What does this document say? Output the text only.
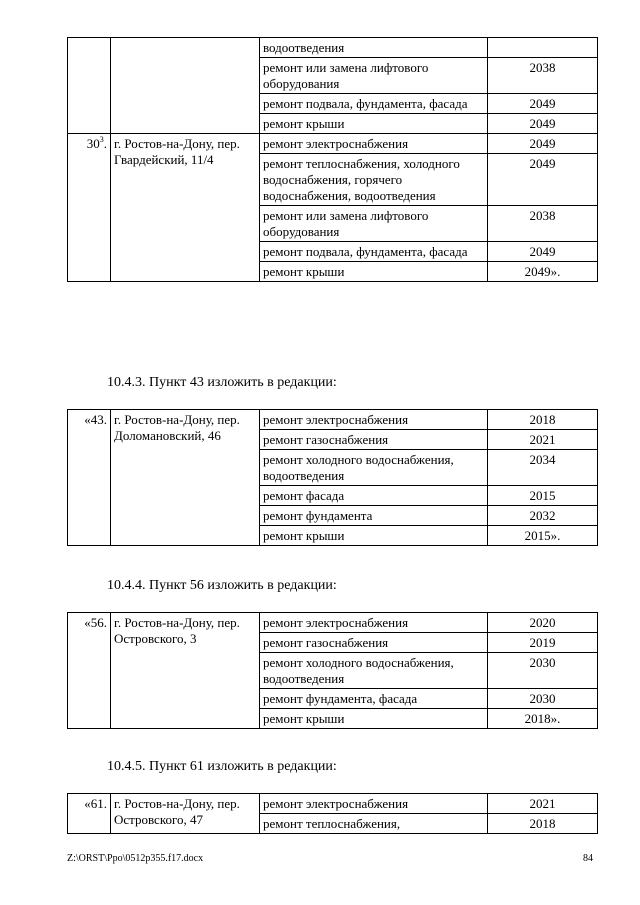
		водоотведения	
		ремонт или замена лифтового оборудования	2038
		ремонт подвала, фундамента, фасада	2049
		ремонт крыши	2049
$30^3$.	г. Ростов-на-Дону, пер. Гвардейский, 11/4	ремонт электроснабжения	2049
		ремонт теплоснабжения, холодного водоснабжения, горячего водоснабжения, водоотведения	2049
		ремонт или замена лифтового оборудования	2038
		ремонт подвала, фундамента, фасада	2049
		ремонт крыши	2049».
10.4.3. Пункт 43 изложить в редакции:
«43.	г. Ростов-на-Дону, пер. Доломановский, 46	ремонт электроснабжения	2018
		ремонт газоснабжения	2021
		ремонт холодного водоснабжения, водоотведения	2034
		ремонт фасада	2015
		ремонт фундамента	2032
		ремонт крыши	2015».
10.4.4. Пункт 56 изложить в редакции:
«56.	г. Ростов-на-Дону, пер. Островского, 3	ремонт электроснабжения	2020
		ремонт газоснабжения	2019
		ремонт холодного водоснабжения, водоотведения	2030
		ремонт фундамента, фасада	2030
		ремонт крыши	2018».
10.4.5. Пункт 61 изложить в редакции:
«61.	г. Ростов-на-Дону, пер. Островского, 47	ремонт электроснабжения	2021
		ремонт теплоснабжения,	2018
Z:\ORST\Ppo\0512p355.f17.docx	84
